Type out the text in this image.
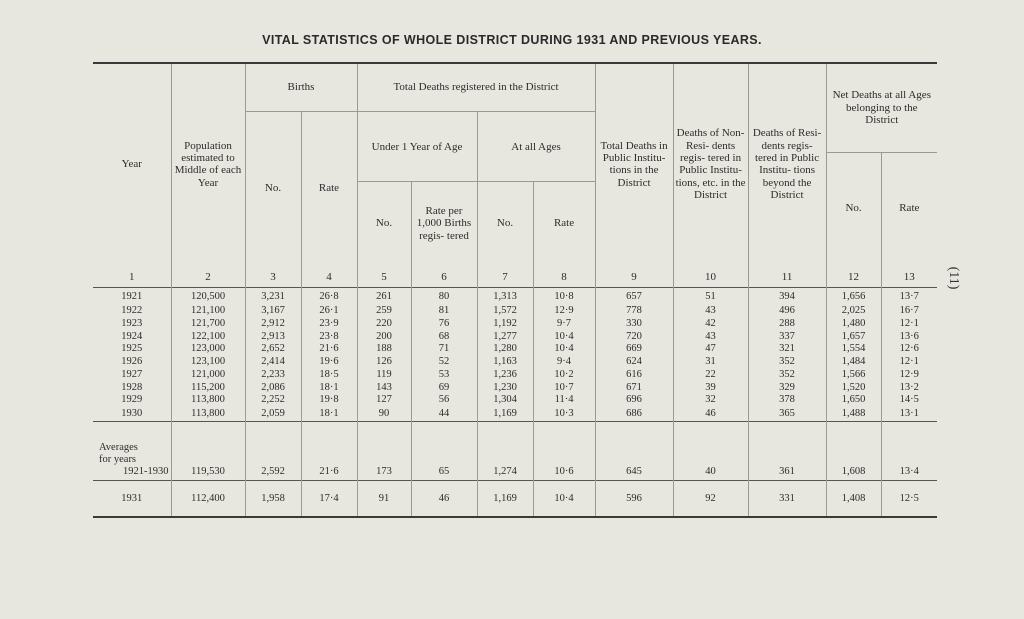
VITAL STATISTICS OF WHOLE DISTRICT DURING 1931 AND PREVIOUS YEARS.
(11)
Year	Population estimated to Middle of each Year	Births		Total Deaths registered in the District				Total Deaths in Public Institu- tions in the District	Deaths of Non- Resi- dents regis- tered in Public Institu- tions, etc. in the District	Deaths of Resi- dents regis- tered in Public Institu- tions beyond the District	Net Deaths at all Ages belonging to the District	
		No.	Rate	Under 1 Year of Age		At all Ages						
											No.	Rate
				No.	Rate per 1,000 Births regis- tered	No.	Rate					
1	2	3	4	5	6	7	8	9	10	11	12	13
1921	120,500	3,231	26·8	261	80	1,313	10·8	657	51	394	1,656	13·7
1922	121,100	3,167	26·1	259	81	1,572	12·9	778	43	496	2,025	16·7
1923	121,700	2,912	23·9	220	76	1,192	9·7	330	42	288	1,480	12·1
1924	122,100	2,913	23·8	200	68	1,277	10·4	720	43	337	1,657	13·6
1925	123,000	2,652	21·6	188	71	1,280	10·4	669	47	321	1,554	12·6
1926	123,100	2,414	19·6	126	52	1,163	9·4	624	31	352	1,484	12·1
1927	121,000	2,233	18·5	119	53	1,236	10·2	616	22	352	1,566	12·9
1928	115,200	2,086	18·1	143	69	1,230	10·7	671	39	329	1,520	13·2
1929	113,800	2,252	19·8	127	56	1,304	11·4	696	32	378	1,650	14·5
1930	113,800	2,059	18·1	90	44	1,169	10·3	686	46	365	1,488	13·1

Averages
for years
1921-1930	119,530	2,592	21·6	173	65	1,274	10·6	645	40	361	1,608	13·4
1931	112,400	1,958	17·4	91	46	1,169	10·4	596	92	331	1,408	12·5
